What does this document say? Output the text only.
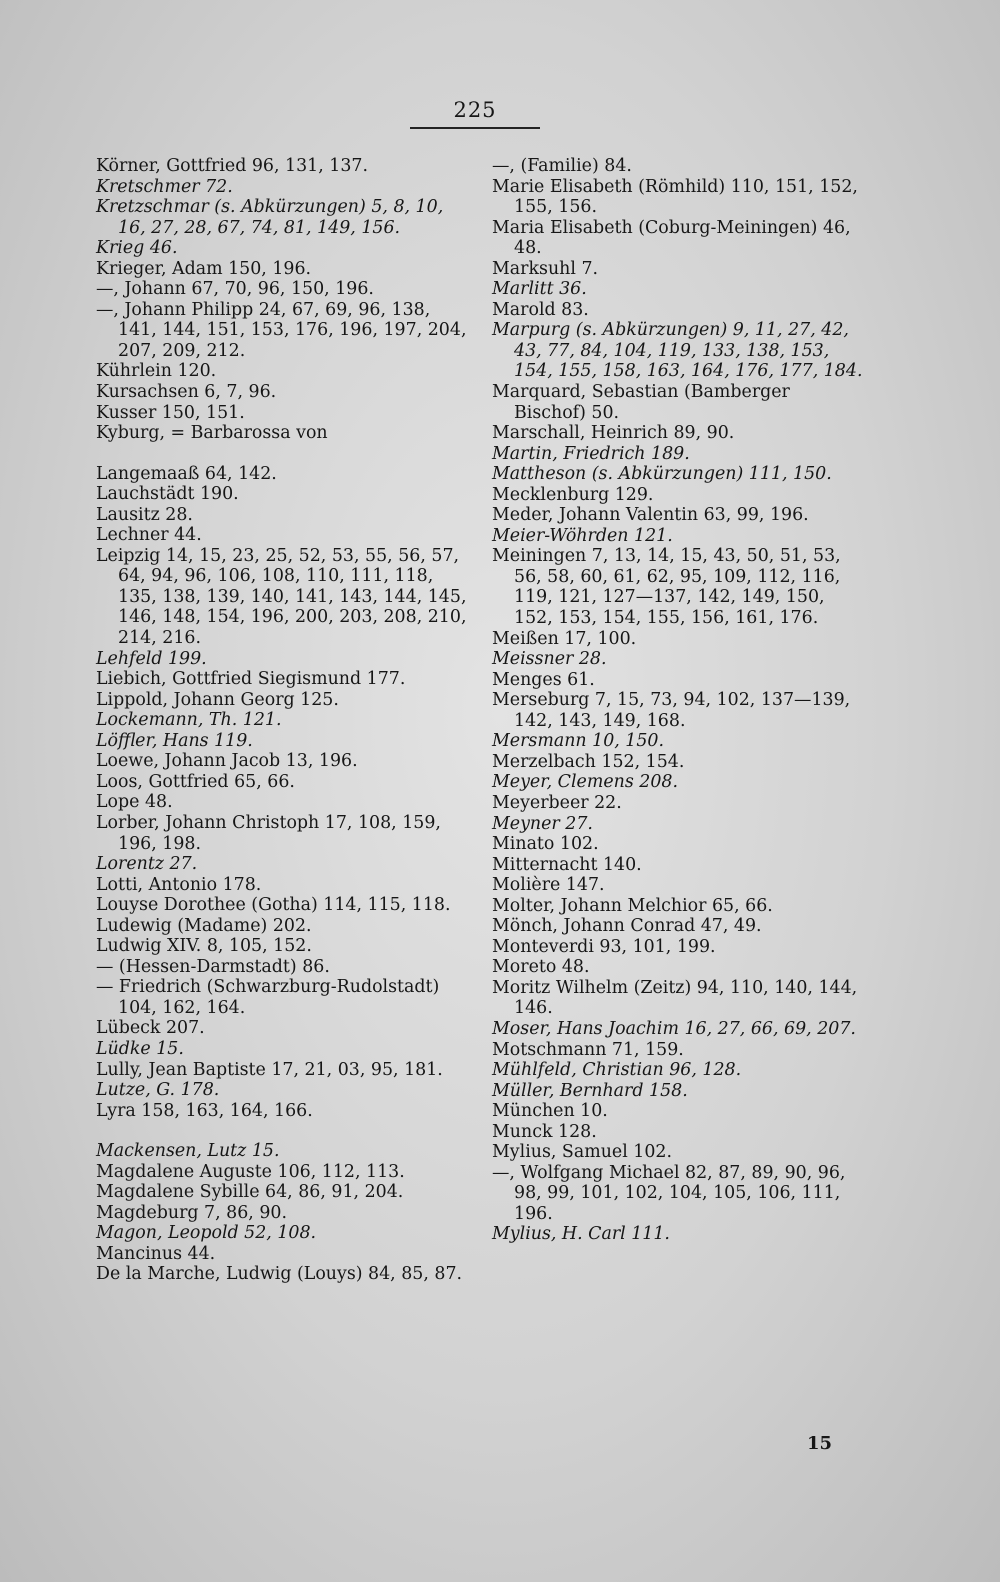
225
Körner, Gottfried 96, 131, 137.
Kretschmer 72.
Kretzschmar (s. Abkürzungen) 5, 8, 10, 16, 27, 28, 67, 74, 81, 149, 156.
Krieg 46.
Krieger, Adam 150, 196.
—, Johann 67, 70, 96, 150, 196.
—, Johann Philipp 24, 67, 69, 96, 138, 141, 144, 151, 153, 176, 196, 197, 204, 207, 209, 212.
Kührlein 120.
Kursachsen 6, 7, 96.
Kusser 150, 151.
Kyburg, = Barbarossa von
Langemaaß 64, 142.
Lauchstädt 190.
Lausitz 28.
Lechner 44.
Leipzig 14, 15, 23, 25, 52, 53, 55, 56, 57, 64, 94, 96, 106, 108, 110, 111, 118, 135, 138, 139, 140, 141, 143, 144, 145, 146, 148, 154, 196, 200, 203, 208, 210, 214, 216.
Lehfeld 199.
Liebich, Gottfried Siegismund 177.
Lippold, Johann Georg 125.
Lockemann, Th. 121.
Löffler, Hans 119.
Loewe, Johann Jacob 13, 196.
Loos, Gottfried 65, 66.
Lope 48.
Lorber, Johann Christoph 17, 108, 159, 196, 198.
Lorentz 27.
Lotti, Antonio 178.
Louyse Dorothee (Gotha) 114, 115, 118.
Ludewig (Madame) 202.
Ludwig XIV. 8, 105, 152.
— (Hessen-Darmstadt) 86.
— Friedrich (Schwarzburg-Rudolstadt) 104, 162, 164.
Lübeck 207.
Lüdke 15.
Lully, Jean Baptiste 17, 21, 03, 95, 181.
Lutze, G. 178.
Lyra 158, 163, 164, 166.
Mackensen, Lutz 15.
Magdalene Auguste 106, 112, 113.
Magdalene Sybille 64, 86, 91, 204.
Magdeburg 7, 86, 90.
Magon, Leopold 52, 108.
Mancinus 44.
De la Marche, Ludwig (Louys) 84, 85, 87.
—, (Familie) 84.
Marie Elisabeth (Römhild) 110, 151, 152, 155, 156.
Maria Elisabeth (Coburg-Meiningen) 46, 48.
Marksuhl 7.
Marlitt 36.
Marold 83.
Marpurg (s. Abkürzungen) 9, 11, 27, 42, 43, 77, 84, 104, 119, 133, 138, 153, 154, 155, 158, 163, 164, 176, 177, 184.
Marquard, Sebastian (Bamberger Bischof) 50.
Marschall, Heinrich 89, 90.
Martin, Friedrich 189.
Mattheson (s. Abkürzungen) 111, 150.
Mecklenburg 129.
Meder, Johann Valentin 63, 99, 196.
Meier-Wöhrden 121.
Meiningen 7, 13, 14, 15, 43, 50, 51, 53, 56, 58, 60, 61, 62, 95, 109, 112, 116, 119, 121, 127—137, 142, 149, 150, 152, 153, 154, 155, 156, 161, 176.
Meißen 17, 100.
Meissner 28.
Menges 61.
Merseburg 7, 15, 73, 94, 102, 137—139, 142, 143, 149, 168.
Mersmann 10, 150.
Merzelbach 152, 154.
Meyer, Clemens 208.
Meyerbeer 22.
Meyner 27.
Minato 102.
Mitternacht 140.
Molière 147.
Molter, Johann Melchior 65, 66.
Mönch, Johann Conrad 47, 49.
Monteverdi 93, 101, 199.
Moreto 48.
Moritz Wilhelm (Zeitz) 94, 110, 140, 144, 146.
Moser, Hans Joachim 16, 27, 66, 69, 207.
Motschmann 71, 159.
Mühlfeld, Christian 96, 128.
Müller, Bernhard 158.
München 10.
Munck 128.
Mylius, Samuel 102.
—, Wolfgang Michael 82, 87, 89, 90, 96, 98, 99, 101, 102, 104, 105, 106, 111, 196.
Mylius, H. Carl 111.
15
